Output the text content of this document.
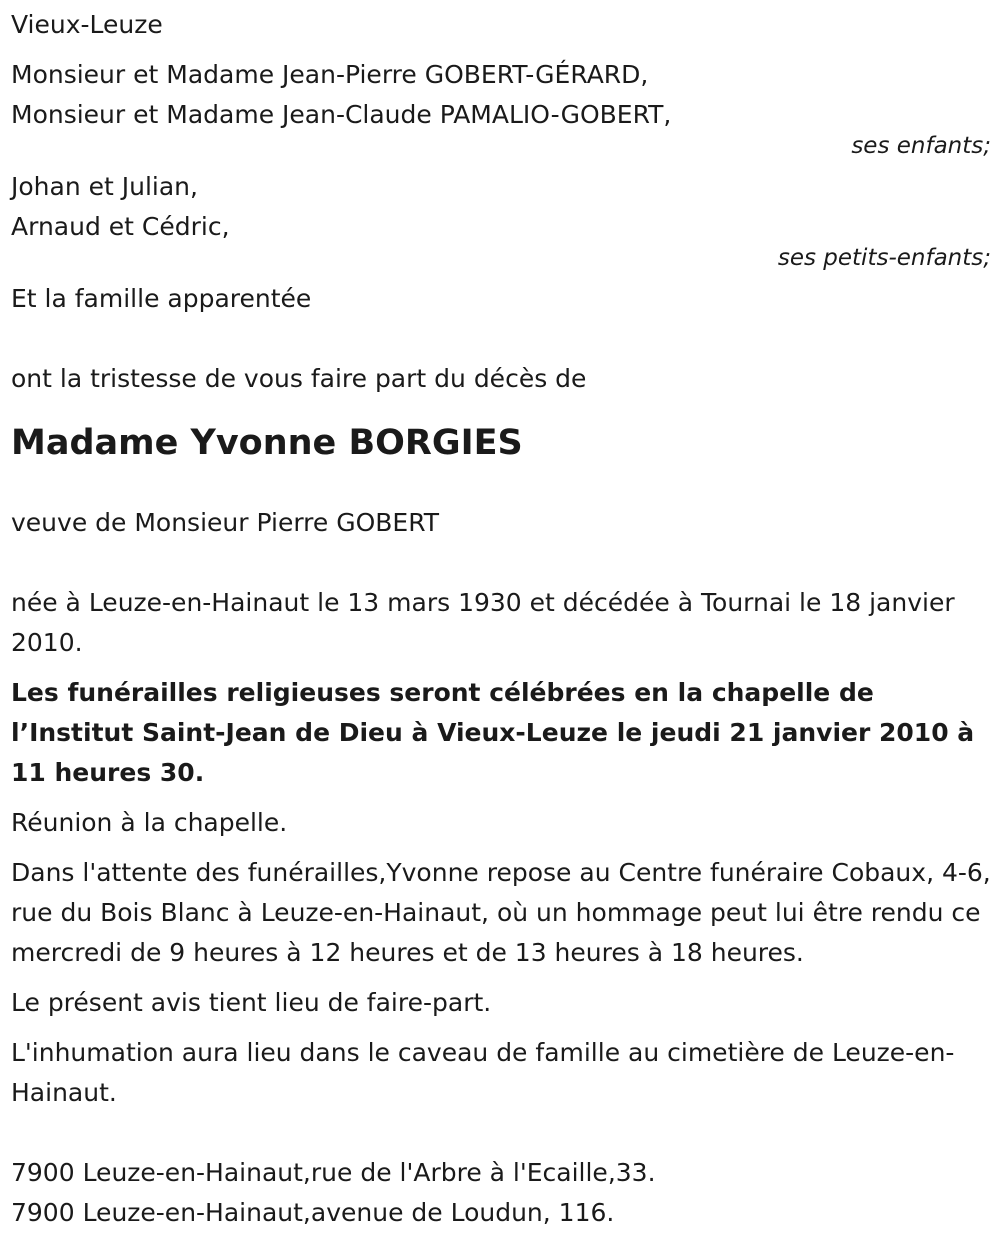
Vieux-Leuze

Monsieur et Madame Jean-Pierre GOBERT-GÉRARD,

Monsieur et Madame Jean-Claude PAMALIO-GOBERT,

ses enfants;

Johan et Julian,

Arnaud et Cédric,

ses petits-enfants;

Et la famille apparentée

ont la tristesse de vous faire part du décès de

Madame Yvonne BORGIES

veuve de Monsieur Pierre GOBERT

née à Leuze-en-Hainaut le 13 mars 1930 et décédée à Tournai le 18 janvier 2010.

Les funérailles religieuses seront célébrées en la chapelle de l’Institut Saint-Jean de Dieu à Vieux-Leuze le jeudi 21 janvier 2010 à 11 heures 30.

Réunion à la chapelle.

Dans l'attente des funérailles,Yvonne repose au Centre funéraire Cobaux, 4-6, rue du Bois Blanc à Leuze-en-Hainaut, où un hommage peut lui être rendu ce mercredi de 9 heures à 12 heures et de 13 heures à 18 heures.

Le présent avis tient lieu de faire-part.

L'inhumation aura lieu dans le caveau de famille au cimetière de Leuze-en-Hainaut.

7900 Leuze-en-Hainaut,rue de l'Arbre à l'Ecaille,33.

7900 Leuze-en-Hainaut,avenue de Loudun, 116.
